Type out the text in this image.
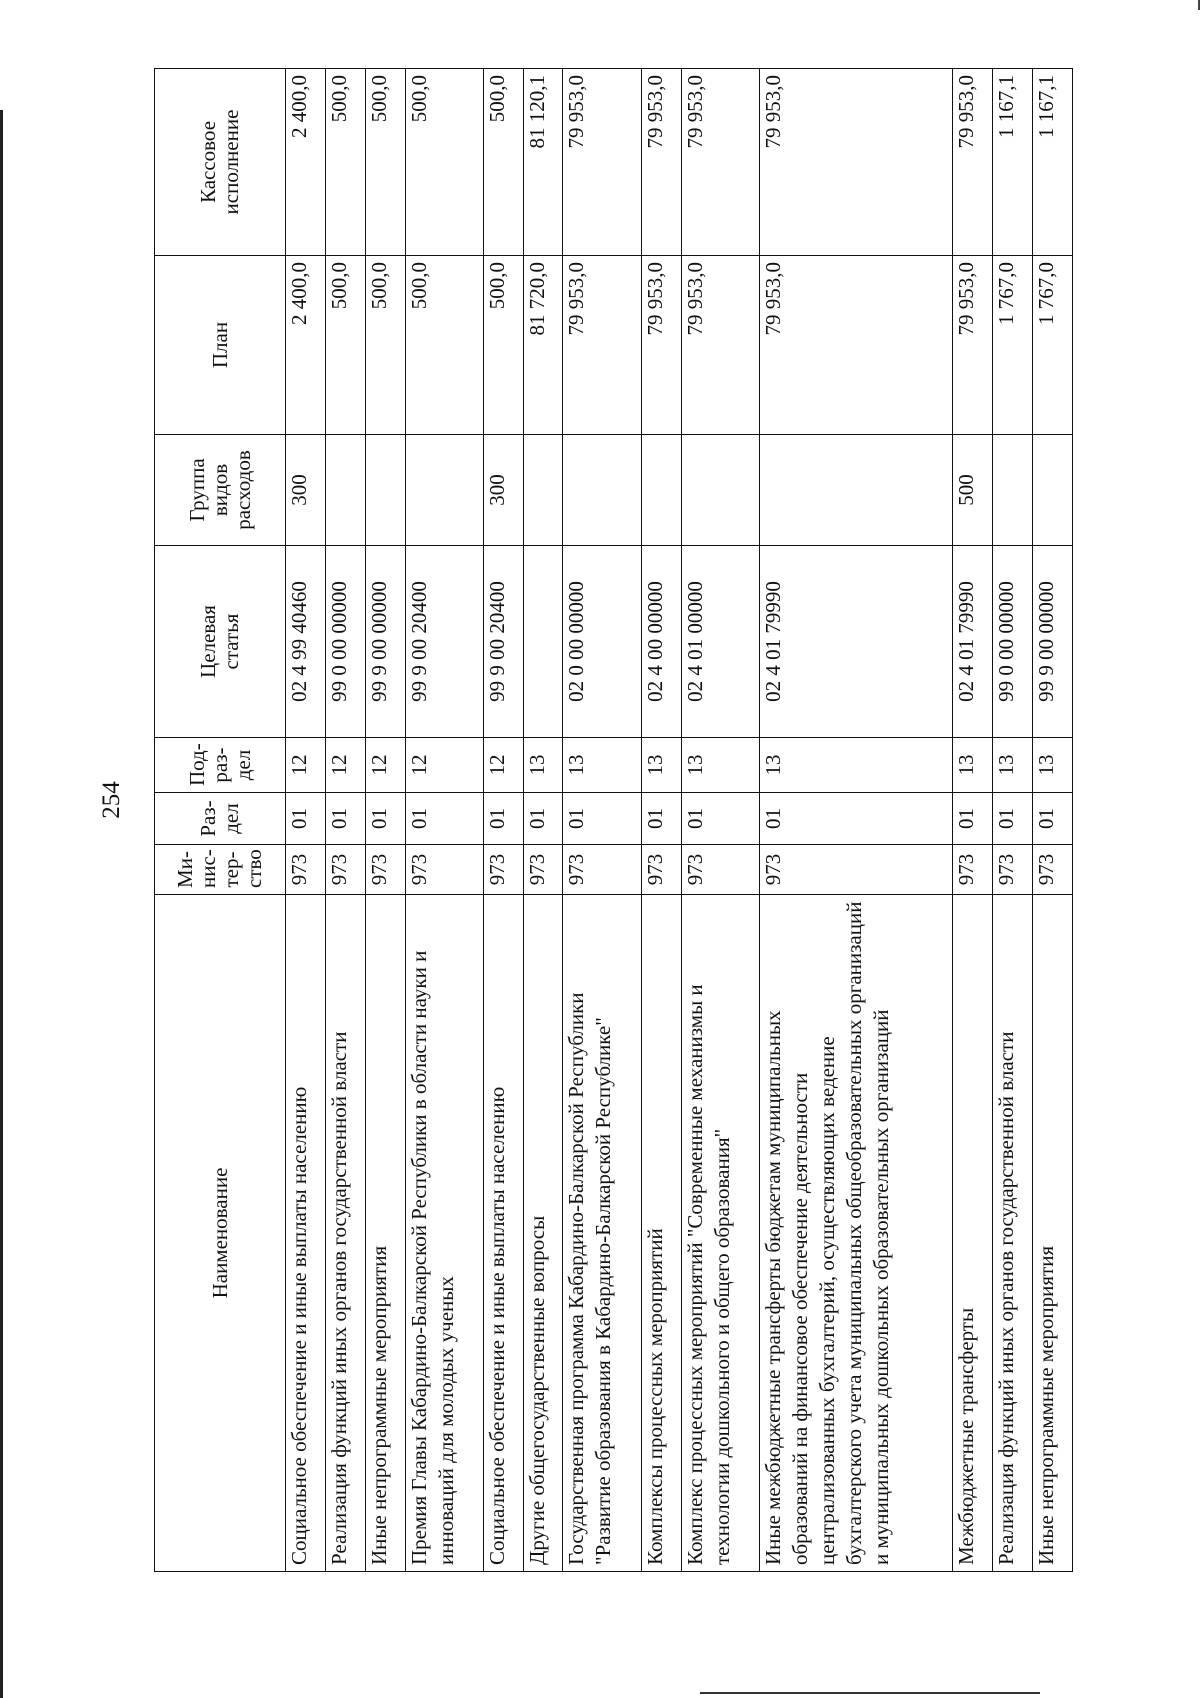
254
Наименование	Ми-
нис-
тер-
ство	Раз-
дел	Под-
раз-
дел	Целевая
статья	Группа
видов
расходов	План	Кассовое
исполнение
Социальное обеспечение и иные выплаты населению	973	01	12	02 4 99 40460	300	2 400,0	2 400,0
Реализация функций иных органов государственной власти	973	01	12	99 0 00 00000		500,0	500,0
Иные непрограммные мероприятия	973	01	12	99 9 00 00000		500,0	500,0
Премия Главы Кабардино-Балкарской Республики в области науки и инноваций для молодых ученых	973	01	12	99 9 00 20400		500,0	500,0
Социальное обеспечение и иные выплаты населению	973	01	12	99 9 00 20400	300	500,0	500,0
Другие общегосударственные вопросы	973	01	13			81 720,0	81 120,1
Государственная программа Кабардино-Балкарской Республики "Развитие образования в Кабардино-Балкарской Республике"	973	01	13	02 0 00 00000		79 953,0	79 953,0
Комплексы процессных мероприятий	973	01	13	02 4 00 00000		79 953,0	79 953,0
Комплекс процессных мероприятий "Современные механизмы и технологии дошкольного и общего образования"	973	01	13	02 4 01 00000		79 953,0	79 953,0
Иные межбюджетные трансферты бюджетам муниципальных образований на финансовое обеспечение деятельности централизованных бухгалтерий, осуществляющих ведение бухгалтерского учета муниципальных общеобразовательных организаций и муниципальных дошкольных образовательных организаций	973	01	13	02 4 01 79990		79 953,0	79 953,0
Межбюджетные трансферты	973	01	13	02 4 01 79990	500	79 953,0	79 953,0
Реализация функций иных органов государственной власти	973	01	13	99 0 00 00000		1 767,0	1 167,1
Иные непрограммные мероприятия	973	01	13	99 9 00 00000		1 767,0	1 167,1
